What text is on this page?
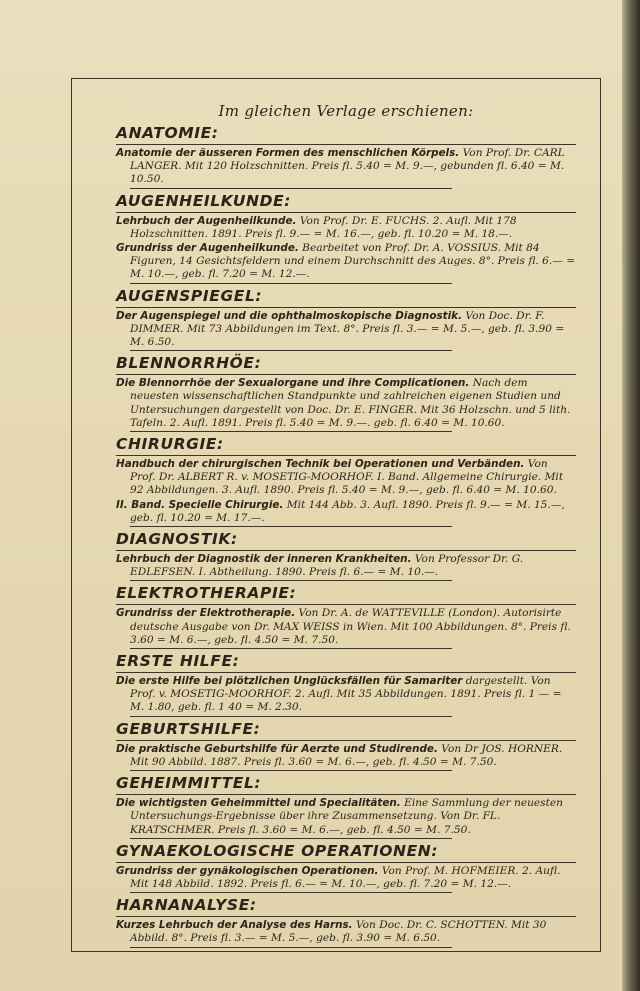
Im gleichen Verlage erschienen:
ANATOMIE:
Anatomie der äusseren Formen des menschlichen Körpels. Von Prof. Dr. CARL LANGER. Mit 120 Holzschnitten. Preis fl. 5.40 = M. 9.—, gebunden fl. 6.40 = M. 10.50.
AUGENHEILKUNDE:
Lehrbuch der Augenheilkunde. Von Prof. Dr. E. FUCHS. 2. Aufl. Mit 178 Holzschnitten. 1891. Preis fl. 9.— = M. 16.—, geb. fl. 10.20 = M. 18.—.
Grundriss der Augenheilkunde. Bearbeitet von Prof. Dr. A. VOSSIUS. Mit 84 Figuren, 14 Gesichtsfeldern und einem Durchschnitt des Auges. 8°. Preis fl. 6.— = M. 10.—, geb. fl. 7.20 = M. 12.—.
AUGENSPIEGEL:
Der Augenspiegel und die ophthalmoskopische Diagnostik. Von Doc. Dr. F. DIMMER. Mit 73 Abbildungen im Text. 8°. Preis fl. 3.— = M. 5.—, geb. fl. 3.90 = M. 6.50.
BLENNORRHÖE:
Die Blennorrhöe der Sexualorgane und ihre Complicationen. Nach dem neuesten wissenschaftlichen Standpunkte und zahlreichen eigenen Studien und Untersuchungen dargestellt von Doc. Dr. E. FINGER. Mit 36 Holzschn. und 5 lith. Tafeln. 2. Aufl. 1891. Preis fl. 5.40 = M. 9.—. geb. fl. 6.40 = M. 10.60.
CHIRURGIE:
Handbuch der chirurgischen Technik bei Operationen und Verbänden. Von Prof. Dr. ALBERT R. v. MOSETIG-MOORHOF. I. Band. Allgemeine Chirurgie. Mit 92 Abbildungen. 3. Aufl. 1890. Preis fl. 5.40 = M. 9.—, geb. fl. 6.40 = M. 10.60.
II. Band. Specielle Chirurgie. Mit 144 Abb. 3. Aufl. 1890. Preis fl. 9.— = M. 15.—, geb. fl. 10.20 = M. 17.—.
DIAGNOSTIK:
Lehrbuch der Diagnostik der inneren Krankheiten. Von Professor Dr. G. EDLEFSEN. I. Abtheilung. 1890. Preis fl. 6.— = M. 10.—.
ELEKTROTHERAPIE:
Grundriss der Elektrotherapie. Von Dr. A. de WATTEVILLE (London). Autorisirte deutsche Ausgabe von Dr. MAX WEISS in Wien. Mit 100 Abbildungen. 8°. Preis fl. 3.60 = M. 6.—, geb. fl. 4.50 = M. 7.50.
ERSTE HILFE:
Die erste Hilfe bei plötzlichen Unglücksfällen für Samariter dargestellt. Von Prof. v. MOSETIG-MOORHOF. 2. Aufl. Mit 35 Abbildungen. 1891. Preis fl. 1 — = M. 1.80, geb. fl. 1 40 = M. 2.30.
GEBURTSHILFE:
Die praktische Geburtshilfe für Aerzte und Studirende. Von Dr JOS. HORNER. Mit 90 Abbild. 1887. Preis fl. 3.60 = M. 6.—, geb. fl. 4.50 = M. 7.50.
GEHEIMMITTEL:
Die wichtigsten Geheimmittel und Specialitäten. Eine Sammlung der neuesten Untersuchungs-Ergebnisse über ihre Zusammensetzung. Von Dr. FL. KRATSCHMER. Preis fl. 3.60 = M. 6.—, geb. fl. 4.50 = M. 7.50.
GYNAEKOLOGISCHE OPERATIONEN:
Grundriss der gynäkologischen Operationen. Von Prof. M. HOFMEIER. 2. Aufl. Mit 148 Abbild. 1892. Preis fl. 6.— = M. 10.—, geb. fl. 7.20 = M. 12.—.
HARNANALYSE:
Kurzes Lehrbuch der Analyse des Harns. Von Doc. Dr. C. SCHOTTEN. Mit 30 Abbild. 8°. Preis fl. 3.— = M. 5.—, geb. fl. 3.90 = M. 6.50.
